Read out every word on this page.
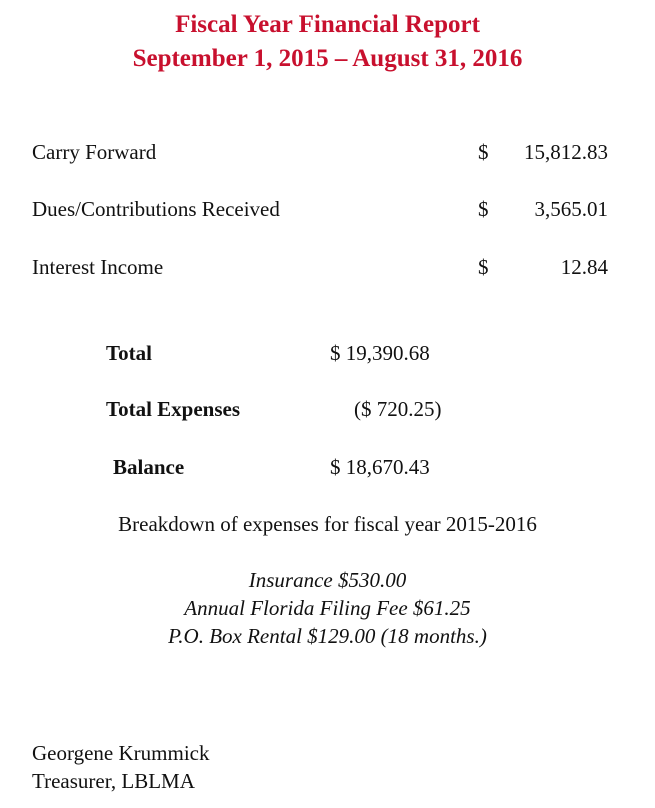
Fiscal Year Financial Report
September 1, 2015 – August 31, 2016
Carry Forward	$ 15,812.83
Dues/Contributions Received	$ 3,565.01
Interest Income	$	12.84
Total	$ 19,390.68
Total Expenses	($ 720.25)
Balance	$ 18,670.43
Breakdown of expenses for fiscal year 2015-2016
Insurance $530.00
Annual Florida Filing Fee $61.25
P.O. Box Rental $129.00 (18 months.)
Georgene Krummick
Treasurer, LBLMA
